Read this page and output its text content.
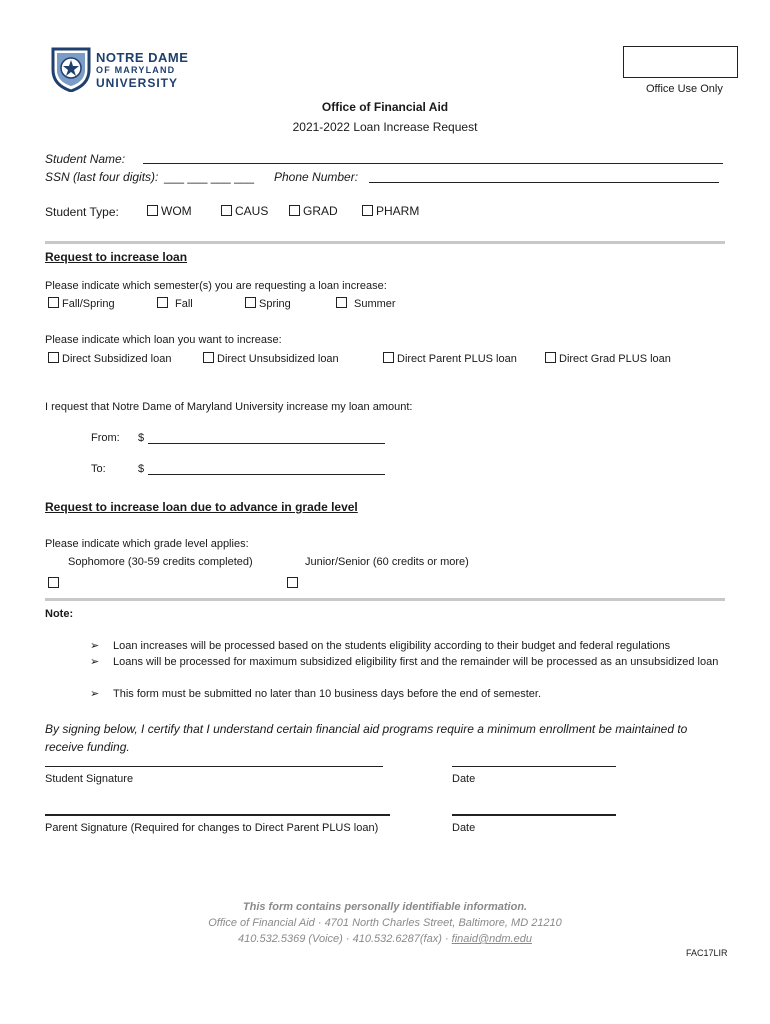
NOTRE DAME
OF MARYLAND
UNIVERSITY	Office Use Only
Office of Financial Aid
2021-2022 Loan Increase Request
Student Name:
SSN (last four digits): ___ ___ ___ ___ Phone Number:
Student Type:	WOM	CAUS	GRAD	PHARM
Request to increase loan
Please indicate which semester(s) you are requesting a loan increase:
Fall/Spring	Fall	Spring	Summer
Please indicate which loan you want to increase:
Direct Subsidized loan	Direct Unsubsidized loan	Direct Parent PLUS loan	Direct Grad PLUS loan
I request that Notre Dame of Maryland University increase my loan amount:
From: $
To:	$
Request to increase loan due to advance in grade level
Please indicate which grade level applies:
Sophomore (30-59 credits completed)	Junior/Senior (60 credits or more)
Note:
➢ Loan increases will be processed based on the students eligibility according to their budget and federal regulations
➢ Loans will be processed for maximum subsidized eligibility first and the remainder will be processed as an unsubsidized loan
➢ This form must be submitted no later than 10 business days before the end of semester.
By signing below, I certify that I understand certain financial aid programs require a minimum enrollment be maintained to receive funding.
Student Signature	Date
Parent Signature (Required for changes to Direct Parent PLUS loan)	Date
This form contains personally identifiable information.
Office of Financial Aid · 4701 North Charles Street, Baltimore, MD 21210
410.532.5369 (Voice) · 410.532.6287(fax) · finaid@ndm.edu
FAC17LIR
